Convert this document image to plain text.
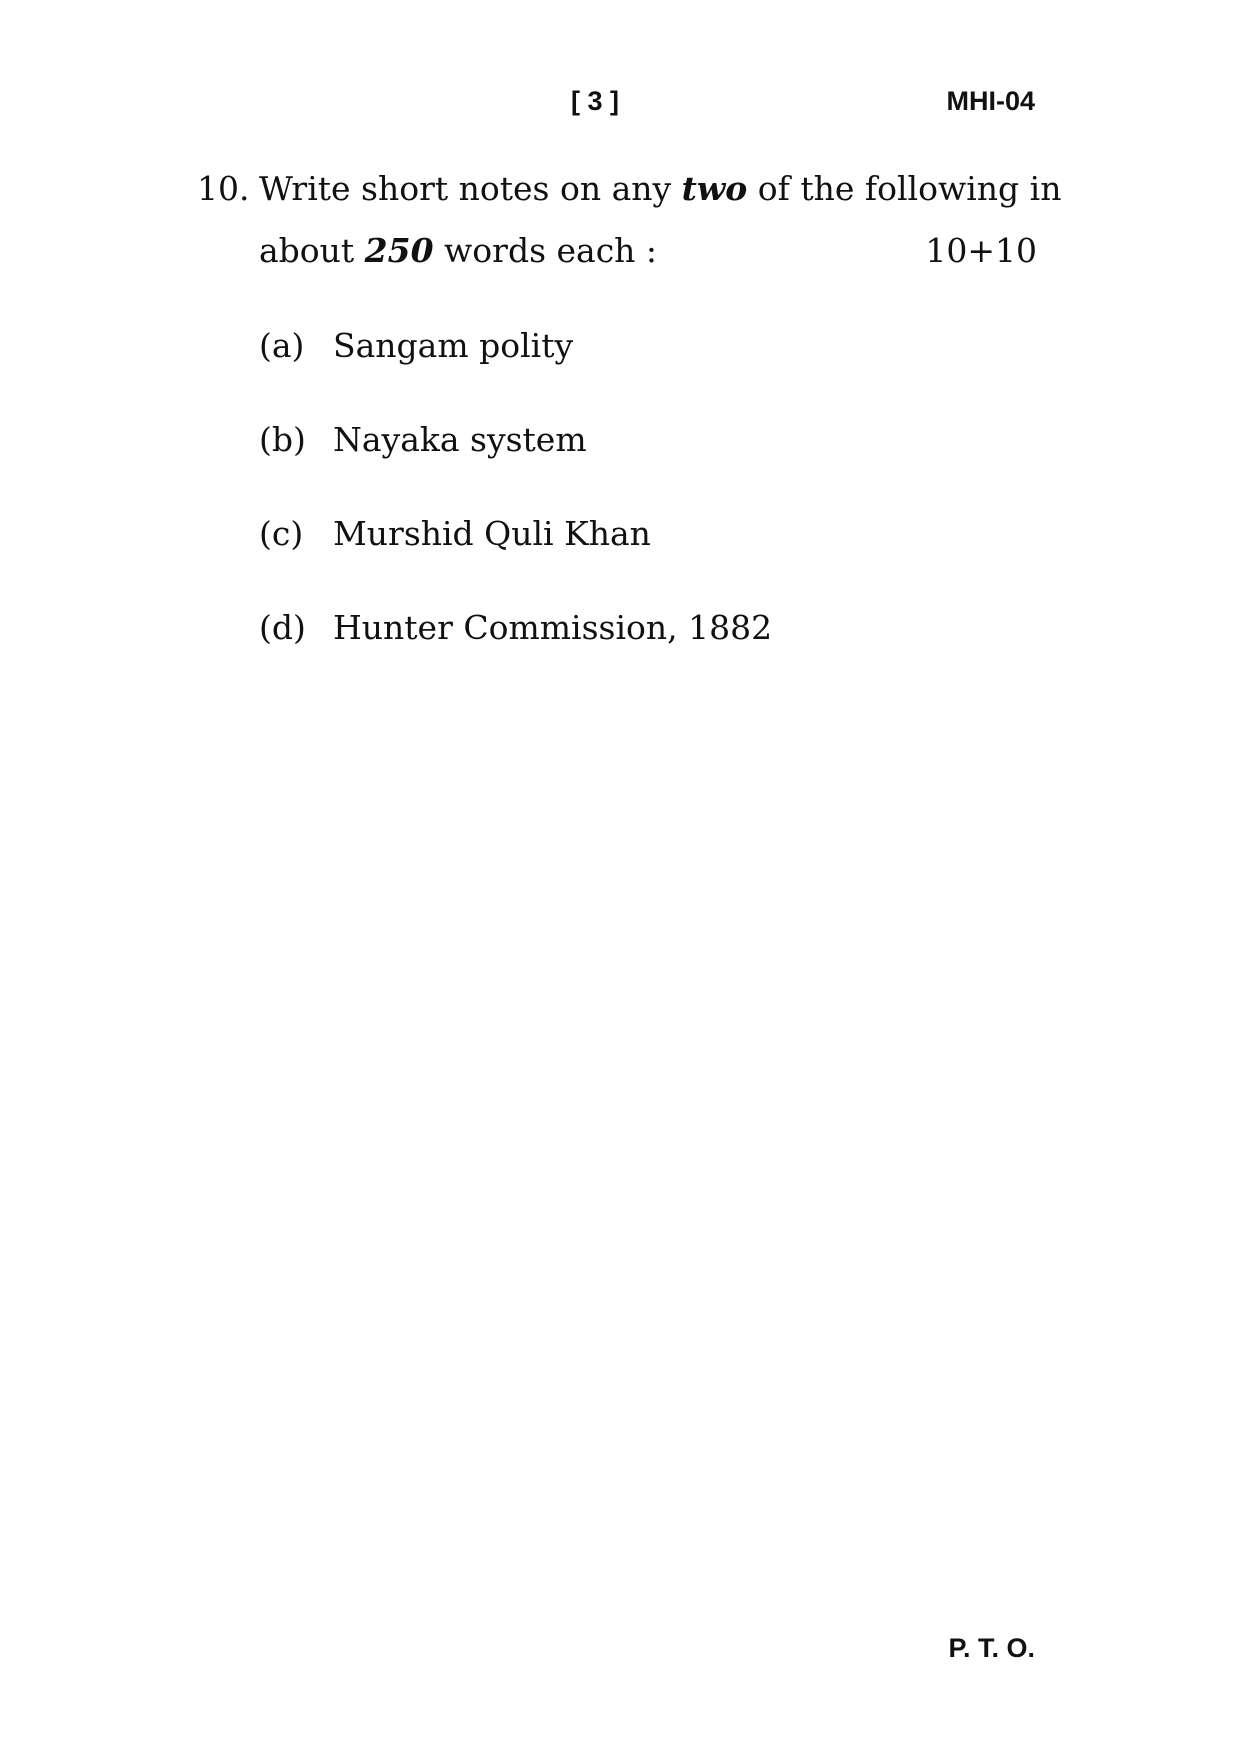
[ 3 ]	MHI-04
10. Write short notes on any two of the following in
about 250 words each :	10+10
(a) Sangam polity
(b) Nayaka system
(c) Murshid Quli Khan
(d) Hunter Commission, 1882
P. T. O.
